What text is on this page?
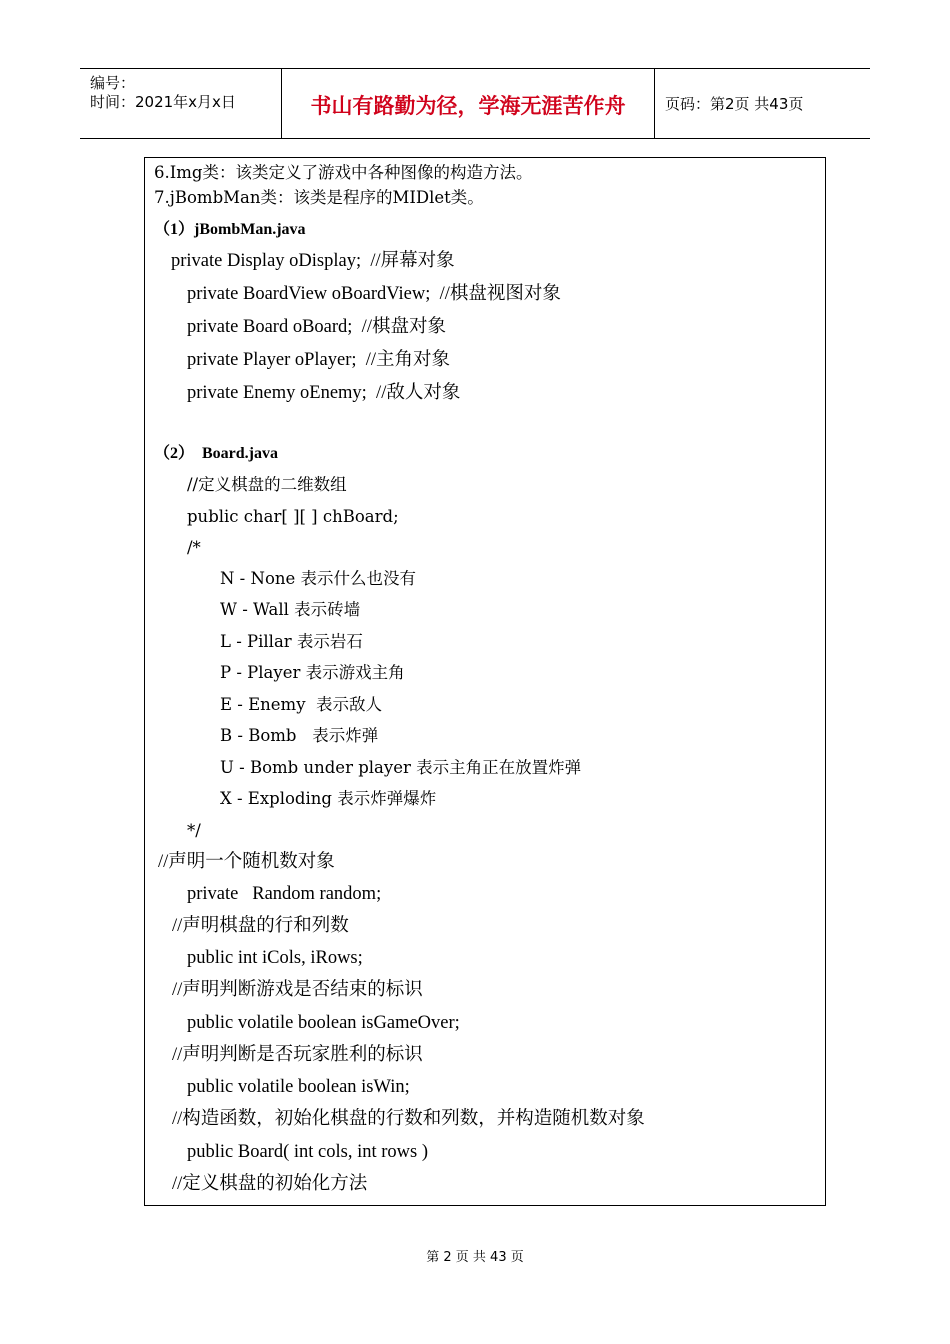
编号：
时间：2021年x月x日	书山有路勤为径，学海无涯苦作舟	页码：第2页 共43页
6.Img类：该类定义了游戏中各种图像的构造方法。
7.jBombMan类：该类是程序的MIDlet类。
（1）jBombMan.java
private Display oDisplay;  //屏幕对象
private BoardView oBoardView;  //棋盘视图对象
private Board oBoard;  //棋盘对象
private Player oPlayer;  //主角对象
private Enemy oEnemy;  //敌人对象
（2）  Board.java
//定义棋盘的二维数组
public char[ ][ ] chBoard;
/*
N - None 表示什么也没有
W - Wall 表示砖墙
L - Pillar 表示岩石
P - Player 表示游戏主角
E - Enemy  表示敌人
B - Bomb   表示炸弹
U - Bomb under player 表示主角正在放置炸弹
X - Exploding 表示炸弹爆炸
*/
//声明一个随机数对象
private   Random random;
//声明棋盘的行和列数
public int iCols, iRows;
//声明判断游戏是否结束的标识
public volatile boolean isGameOver;
//声明判断是否玩家胜利的标识
public volatile boolean isWin;
//构造函数，初始化棋盘的行数和列数，并构造随机数对象
public Board( int cols, int rows )
//定义棋盘的初始化方法
第 2 页 共 43 页
